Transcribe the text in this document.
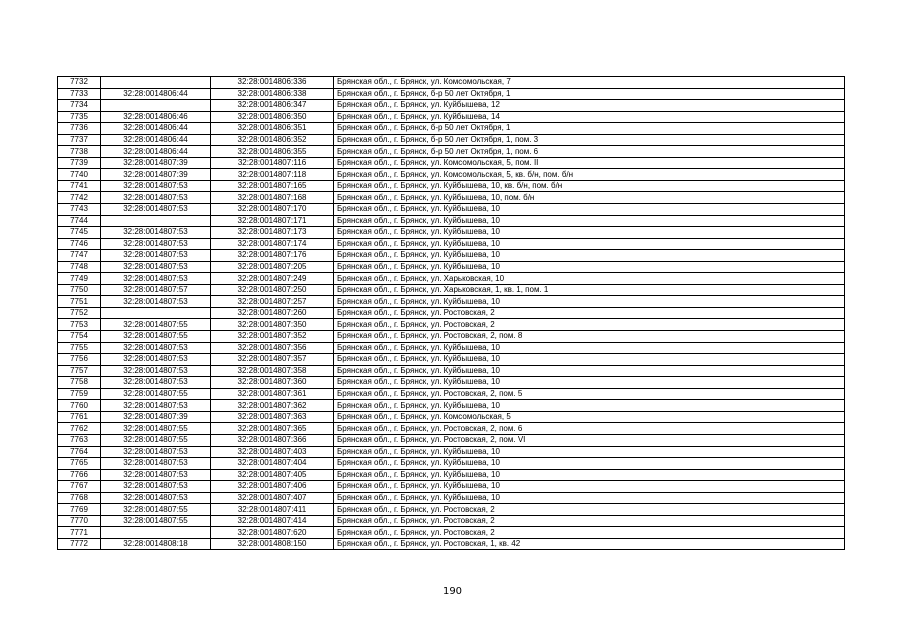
7732		32:28:0014806:336	Брянская обл., г. Брянск, ул. Комсомольская, 7
7733	32:28:0014806:44	32:28:0014806:338	Брянская обл., г. Брянск, б-р 50 лет Октября, 1
7734		32:28:0014806:347	Брянская обл., г. Брянск, ул. Куйбышева, 12
7735	32:28:0014806:46	32:28:0014806:350	Брянская обл., г. Брянск, ул. Куйбышева, 14
7736	32:28:0014806:44	32:28:0014806:351	Брянская обл., г. Брянск, б-р 50 лет Октября, 1
7737	32:28:0014806:44	32:28:0014806:352	Брянская обл., г. Брянск, б-р 50 лет Октября, 1, пом. 3
7738	32:28:0014806:44	32:28:0014806:355	Брянская обл., г. Брянск, б-р 50 лет Октября, 1, пом. 6
7739	32:28:0014807:39	32:28:0014807:116	Брянская обл., г. Брянск, ул. Комсомольская, 5, пом. II
7740	32:28:0014807:39	32:28:0014807:118	Брянская обл., г. Брянск, ул. Комсомольская, 5, кв. б/н, пом. б/н
7741	32:28:0014807:53	32:28:0014807:165	Брянская обл., г. Брянск, ул. Куйбышева, 10, кв. б/н, пом. б/н
7742	32:28:0014807:53	32:28:0014807:168	Брянская обл., г. Брянск, ул. Куйбышева, 10, пом. б/н
7743	32:28:0014807:53	32:28:0014807:170	Брянская обл., г. Брянск, ул. Куйбышева, 10
7744		32:28:0014807:171	Брянская обл., г. Брянск, ул. Куйбышева, 10
7745	32:28:0014807:53	32:28:0014807:173	Брянская обл., г. Брянск, ул. Куйбышева, 10
7746	32:28:0014807:53	32:28:0014807:174	Брянская обл., г. Брянск, ул. Куйбышева, 10
7747	32:28:0014807:53	32:28:0014807:176	Брянская обл., г. Брянск, ул. Куйбышева, 10
7748	32:28:0014807:53	32:28:0014807:205	Брянская обл., г. Брянск, ул. Куйбышева, 10
7749	32:28:0014807:53	32:28:0014807:249	Брянская обл., г. Брянск, ул. Харьковская, 10
7750	32:28:0014807:57	32:28:0014807:250	Брянская обл., г. Брянск, ул. Харьковская, 1, кв. 1, пом. 1
7751	32:28:0014807:53	32:28:0014807:257	Брянская обл., г. Брянск, ул. Куйбышева, 10
7752		32:28:0014807:260	Брянская обл., г. Брянск, ул. Ростовская, 2
7753	32:28:0014807:55	32:28:0014807:350	Брянская обл., г. Брянск, ул. Ростовская, 2
7754	32:28:0014807:55	32:28:0014807:352	Брянская обл., г. Брянск, ул. Ростовская, 2, пом. 8
7755	32:28:0014807:53	32:28:0014807:356	Брянская обл., г. Брянск, ул. Куйбышева, 10
7756	32:28:0014807:53	32:28:0014807:357	Брянская обл., г. Брянск, ул. Куйбышева, 10
7757	32:28:0014807:53	32:28:0014807:358	Брянская обл., г. Брянск, ул. Куйбышева, 10
7758	32:28:0014807:53	32:28:0014807:360	Брянская обл., г. Брянск, ул. Куйбышева, 10
7759	32:28:0014807:55	32:28:0014807:361	Брянская обл., г. Брянск, ул. Ростовская, 2, пом. 5
7760	32:28:0014807:53	32:28:0014807:362	Брянская обл., г. Брянск, ул. Куйбышева, 10
7761	32:28:0014807:39	32:28:0014807:363	Брянская обл., г. Брянск, ул. Комсомольская, 5
7762	32:28:0014807:55	32:28:0014807:365	Брянская обл., г. Брянск, ул. Ростовская, 2, пом. 6
7763	32:28:0014807:55	32:28:0014807:366	Брянская обл., г. Брянск, ул. Ростовская, 2, пом. VI
7764	32:28:0014807:53	32:28:0014807:403	Брянская обл., г. Брянск, ул. Куйбышева, 10
7765	32:28:0014807:53	32:28:0014807:404	Брянская обл., г. Брянск, ул. Куйбышева, 10
7766	32:28:0014807:53	32:28:0014807:405	Брянская обл., г. Брянск, ул. Куйбышева, 10
7767	32:28:0014807:53	32:28:0014807:406	Брянская обл., г. Брянск, ул. Куйбышева, 10
7768	32:28:0014807:53	32:28:0014807:407	Брянская обл., г. Брянск, ул. Куйбышева, 10
7769	32:28:0014807:55	32:28:0014807:411	Брянская обл., г. Брянск, ул. Ростовская, 2
7770	32:28:0014807:55	32:28:0014807:414	Брянская обл., г. Брянск, ул. Ростовская, 2
7771		32:28:0014807:620	Брянская обл., г. Брянск, ул. Ростовская, 2
7772	32:28:0014808:18	32:28:0014808:150	Брянская обл., г. Брянск, ул. Ростовская, 1, кв. 42
190
